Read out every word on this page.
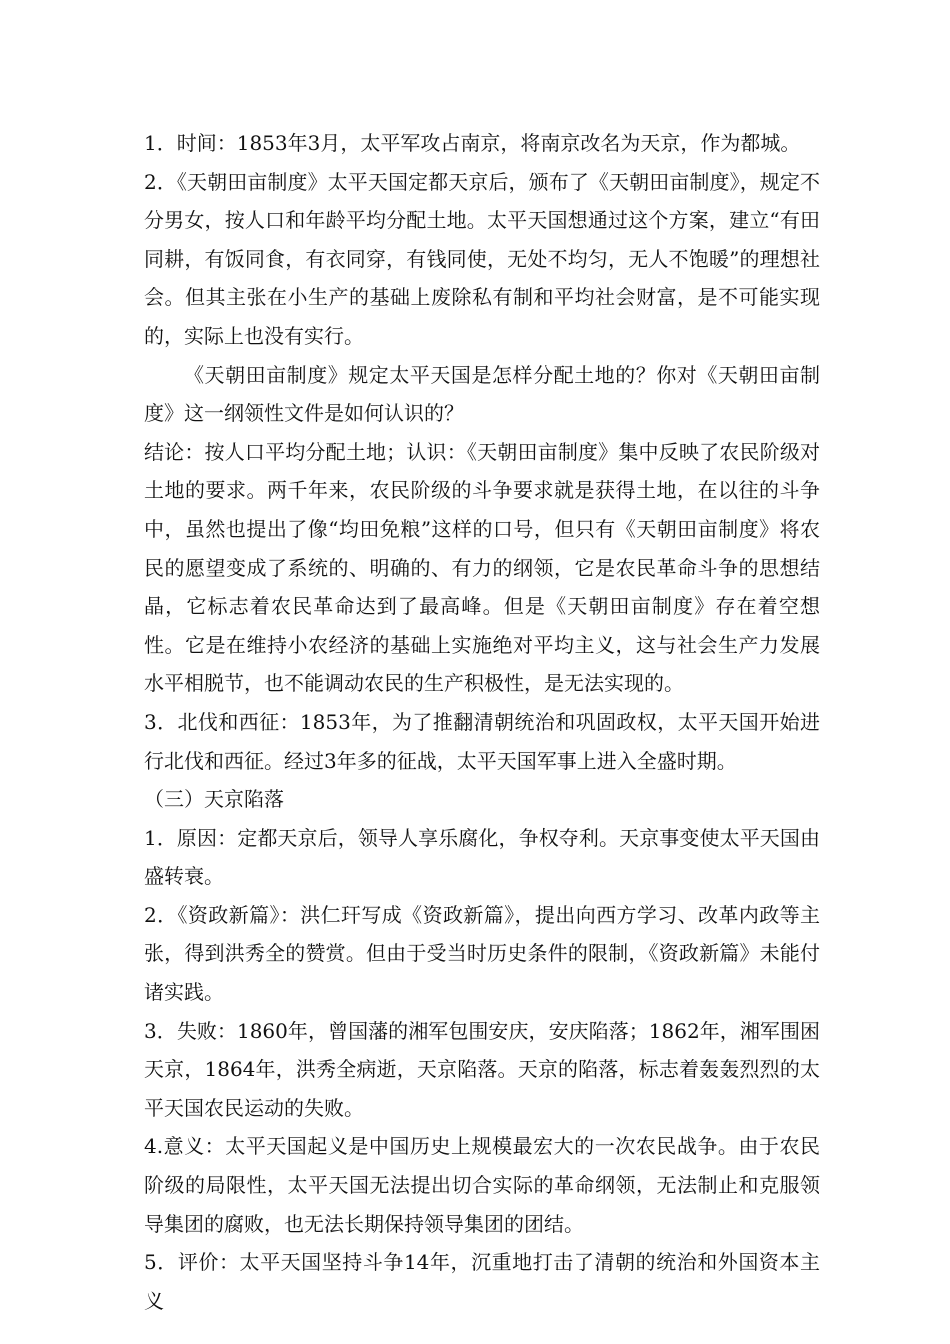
1．时间：1853年3月，太平军攻占南京，将南京改名为天京，作为都城。

2．《天朝田亩制度》太平天国定都天京后，颁布了《天朝田亩制度》，规定不分男女，按人口和年龄平均分配土地。太平天国想通过这个方案，建立“有田同耕，有饭同食，有衣同穿，有钱同使，无处不均匀，无人不饱暖”的理想社会。但其主张在小生产的基础上废除私有制和平均社会财富，是不可能实现的，实际上也没有实行。

《天朝田亩制度》规定太平天国是怎样分配土地的？你对《天朝田亩制度》这一纲领性文件是如何认识的？

结论：按人口平均分配土地；认识：《天朝田亩制度》集中反映了农民阶级对土地的要求。两千年来，农民阶级的斗争要求就是获得土地，在以往的斗争中，虽然也提出了像“均田免粮”这样的口号，但只有《天朝田亩制度》将农民的愿望变成了系统的、明确的、有力的纲领，它是农民革命斗争的思想结晶，它标志着农民革命达到了最高峰。但是《天朝田亩制度》存在着空想性。它是在维持小农经济的基础上实施绝对平均主义，这与社会生产力发展水平相脱节，也不能调动农民的生产积极性，是无法实现的。

3．北伐和西征：1853年，为了推翻清朝统治和巩固政权，太平天国开始进行北伐和西征。经过3年多的征战，太平天国军事上进入全盛时期。

（三）天京陷落

1．原因：定都天京后，领导人享乐腐化，争权夺利。天京事变使太平天国由盛转衰。

2．《资政新篇》：洪仁玕写成《资政新篇》，提出向西方学习、改革内政等主张，得到洪秀全的赞赏。但由于受当时历史条件的限制，《资政新篇》未能付诸实践。

3．失败：1860年，曾国藩的湘军包围安庆，安庆陷落；1862年，湘军围困天京，1864年，洪秀全病逝，天京陷落。天京的陷落，标志着轰轰烈烈的太平天国农民运动的失败。

4.意义：太平天国起义是中国历史上规模最宏大的一次农民战争。由于农民阶级的局限性，太平天国无法提出切合实际的革命纲领，无法制止和克服领导集团的腐败，也无法长期保持领导集团的团结。

5．评价：太平天国坚持斗争14年，沉重地打击了清朝的统治和外国资本主义
